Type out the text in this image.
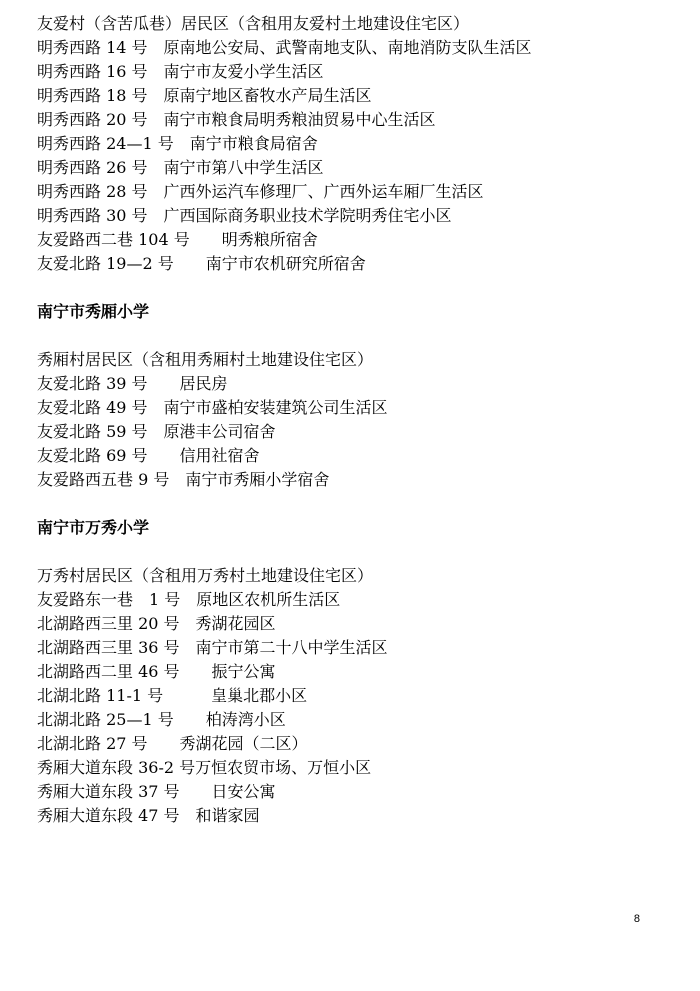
友爱村（含苦瓜巷）居民区（含租用友爱村土地建设住宅区）
明秀西路 14 号　原南地公安局、武警南地支队、南地消防支队生活区
明秀西路 16 号　南宁市友爱小学生活区
明秀西路 18 号　原南宁地区畜牧水产局生活区
明秀西路 20 号　南宁市粮食局明秀粮油贸易中心生活区
明秀西路 24—1 号　南宁市粮食局宿舍
明秀西路 26 号　南宁市第八中学生活区
明秀西路 28 号　广西外运汽车修理厂、广西外运车厢厂生活区
明秀西路 30 号　广西国际商务职业技术学院明秀住宅小区
友爱路西二巷 104 号　　明秀粮所宿舍
友爱北路 19—2 号　　南宁市农机研究所宿舍
南宁市秀厢小学
秀厢村居民区（含租用秀厢村土地建设住宅区）
友爱北路 39 号　　居民房
友爱北路 49 号　南宁市盛柏安装建筑公司生活区
友爱北路 59 号　原港丰公司宿舍
友爱北路 69 号　　信用社宿舍
友爱路西五巷 9 号　南宁市秀厢小学宿舍
南宁市万秀小学
万秀村居民区（含租用万秀村土地建设住宅区）
友爱路东一巷　1 号　原地区农机所生活区
北湖路西三里 20 号　秀湖花园区
北湖路西三里 36 号　南宁市第二十八中学生活区
北湖路西二里 46 号　　振宁公寓
北湖北路 11-1 号　　　皇巢北郡小区
北湖北路 25—1 号　　柏涛湾小区
北湖北路 27 号　　秀湖花园（二区）
秀厢大道东段 36-2 号万恒农贸市场、万恒小区
秀厢大道东段 37 号　　日安公寓
秀厢大道东段 47 号　和谐家园
8
